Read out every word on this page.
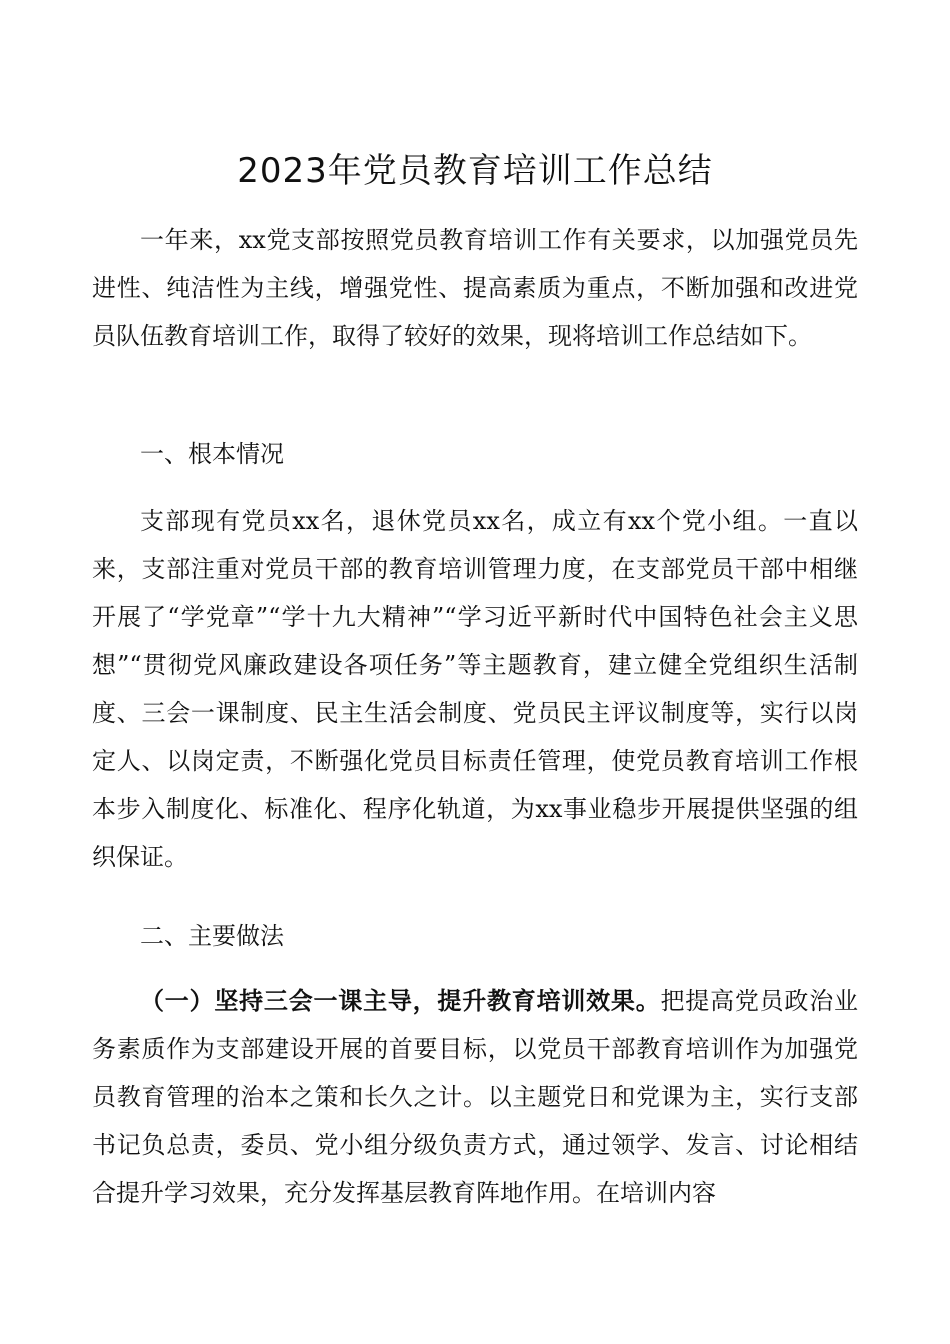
2023年党员教育培训工作总结

一年来，xx党支部按照党员教育培训工作有关要求，以加强党员先进性、纯洁性为主线，增强党性、提高素质为重点，不断加强和改进党员队伍教育培训工作，取得了较好的效果，现将培训工作总结如下。

一、根本情况

支部现有党员xx名，退休党员xx名，成立有xx个党小组。一直以来，支部注重对党员干部的教育培训管理力度，在支部党员干部中相继开展了“学党章”“学十九大精神”“学习近平新时代中国特色社会主义思想”“贯彻党风廉政建设各项任务”等主题教育，建立健全党组织生活制度、三会一课制度、民主生活会制度、党员民主评议制度等，实行以岗定人、以岗定责，不断强化党员目标责任管理，使党员教育培训工作根本步入制度化、标准化、程序化轨道，为xx事业稳步开展提供坚强的组织保证。

二、主要做法

（一）坚持三会一课主导，提升教育培训效果。把提高党员政治业务素质作为支部建设开展的首要目标，以党员干部教育培训作为加强党员教育管理的治本之策和长久之计。以主题党日和党课为主，实行支部书记负总责，委员、党小组分级负责方式，通过领学、发言、讨论相结合提升学习效果，充分发挥基层教育阵地作用。在培训内容
